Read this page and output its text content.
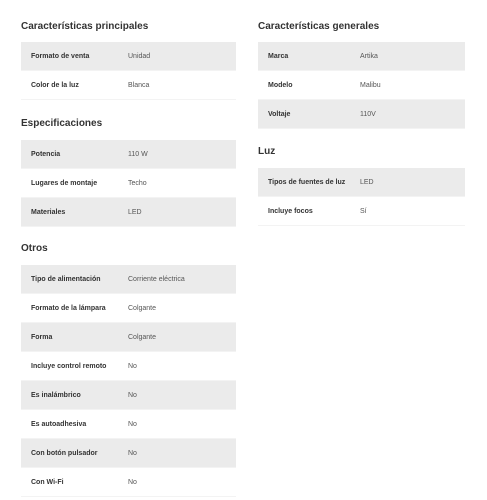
Características principales
Formato de venta	Unidad
Color de la luz	Blanca
Especificaciones
Potencia	110 W
Lugares de montaje	Techo
Materiales	LED
Otros
Tipo de alimentación	Corriente eléctrica
Formato de la lámpara	Colgante
Forma	Colgante
Incluye control remoto	No
Es inalámbrico	No
Es autoadhesiva	No
Con botón pulsador	No
Con Wi-Fi	No
Características generales
Marca	Artika
Modelo	Malibu
Voltaje	110V
Luz
Tipos de fuentes de luz	LED
Incluye focos	Sí
